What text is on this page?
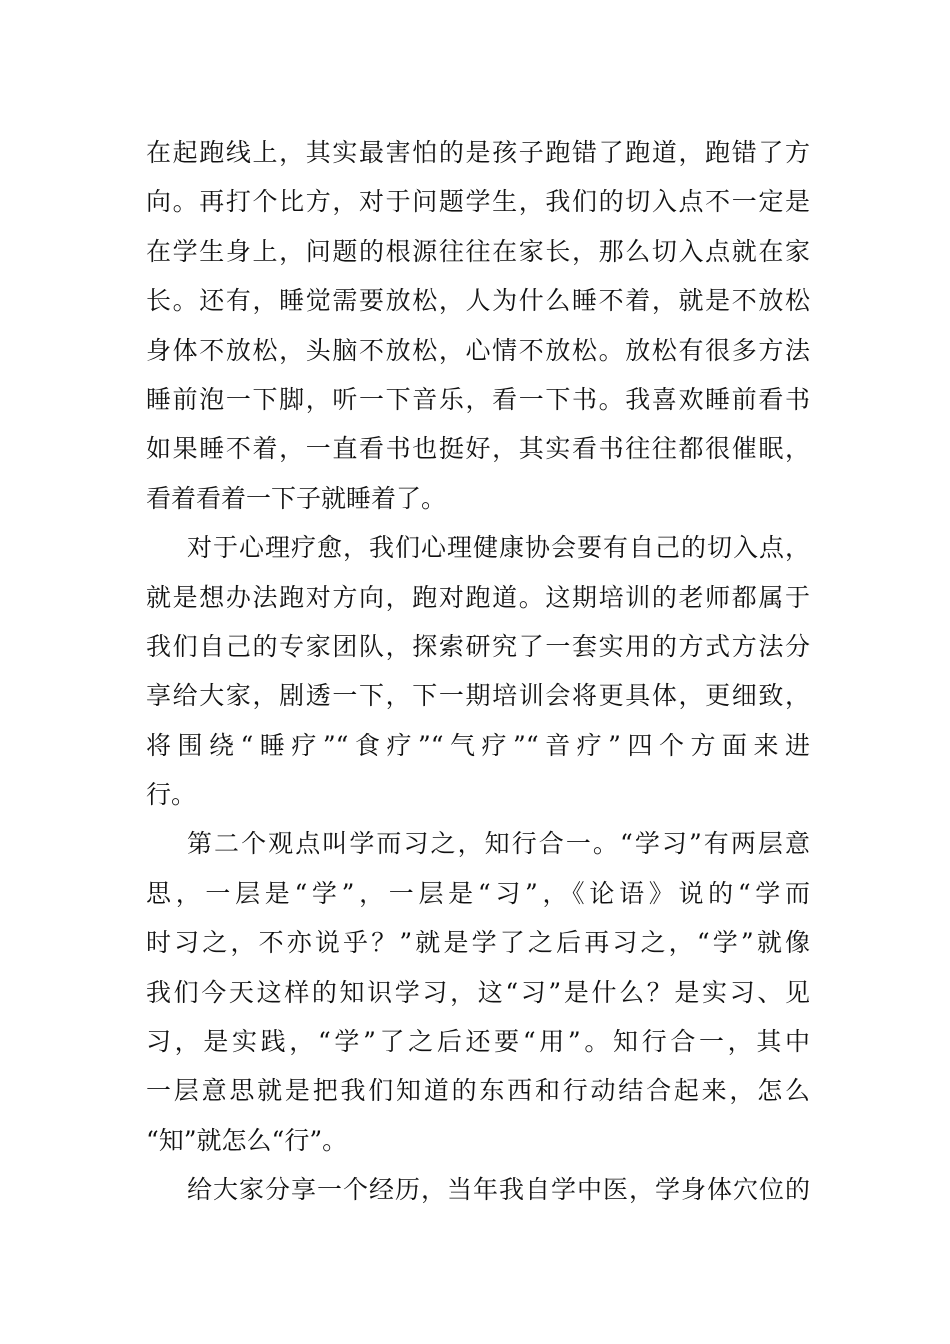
在起跑线上，其实最害怕的是孩子跑错了跑道，跑错了方
向。再打个比方，对于问题学生，我们的切入点不一定是
在学生身上，问题的根源往往在家长，那么切入点就在家
长。还有，睡觉需要放松，人为什么睡不着，就是不放松
身体不放松，头脑不放松，心情不放松。放松有很多方法
睡前泡一下脚，听一下音乐，看一下书。我喜欢睡前看书
如果睡不着，一直看书也挺好，其实看书往往都很催眠，
看着看着一下子就睡着了。
对于心理疗愈，我们心理健康协会要有自己的切入点，
就是想办法跑对方向，跑对跑道。这期培训的老师都属于
我们自己的专家团队，探索研究了一套实用的方式方法分
享给大家，剧透一下，下一期培训会将更具体，更细致，
将围绕“睡疗”“食疗”“气疗”“音疗”四个方面来进
行。
第二个观点叫学而习之，知行合一。“学习”有两层意
思，一层是“学”，一层是“习”，《论语》说的“学而
时习之，不亦说乎？”就是学了之后再习之，“学”就像
我们今天这样的知识学习，这“习”是什么？是实习、见
习，是实践，“学”了之后还要“用”。知行合一，其中
一层意思就是把我们知道的东西和行动结合起来，怎么
“知”就怎么“行”。
给大家分享一个经历，当年我自学中医，学身体穴位的
